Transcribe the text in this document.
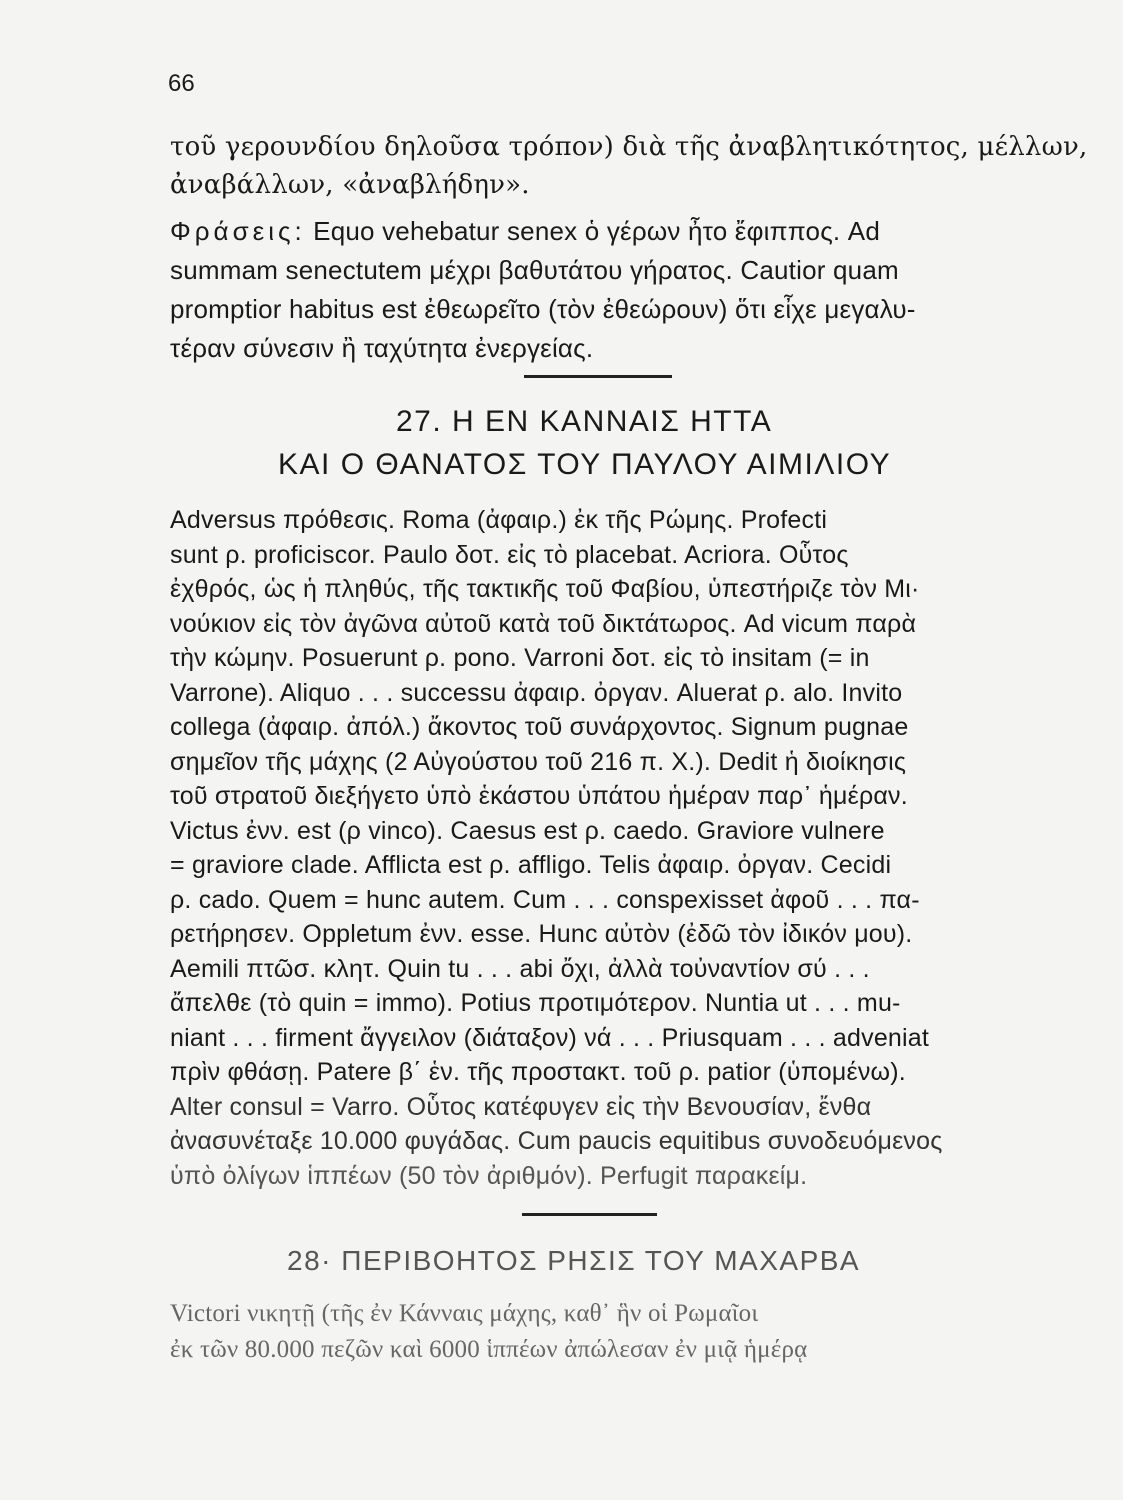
66
τοῦ γερουνδίου δηλοῦσα τρόπον) διὰ τῆς ἀναβλητικότητος, μέλλων,
ἀναβάλλων, «ἀναβλήδην».
Φράσεις: Equo vehebatur senex ὁ γέρων ἦτο ἔφιππος. Ad
summam senectutem μέχρι βαθυτάτου γήρατος. Cautior quam
promptior habitus est ἐθεωρεῖτο (τὸν ἐθεώρουν) ὅτι εἶχε μεγαλυ-
τέραν σύνεσιν ἢ ταχύτητα ἐνεργείας.
27. Η ΕΝ ΚΑΝΝΑΙΣ ΗΤΤΑ
ΚΑΙ Ο ΘΑΝΑΤΟΣ ΤΟΥ ΠΑΥΛΟΥ ΑΙΜΙΛΙΟΥ
Adversus πρόθεσις. Roma (ἀφαιρ.) ἐκ τῆς Ρώμης. Profecti
sunt ρ. proficiscor. Paulo δοτ. εἰς τὸ placebat. Acriora. Οὗτος
ἐχθρός, ὡς ἡ πληθύς, τῆς τακτικῆς τοῦ Φαβίου, ὑπεστήριζε τὸν Μι·
νούκιον εἰς τὸν ἀγῶνα αὐτοῦ κατὰ τοῦ δικτάτωρος. Ad vicum παρὰ
τὴν κώμην. Posuerunt ρ. pono. Varroni δοτ. εἰς τὸ insitam (= in
Varrone). Aliquo . . . successu ἀφαιρ. ὀργαν. Aluerat ρ. alo. Invito
collega (ἀφαιρ. ἀπόλ.) ἄκοντος τοῦ συνάρχοντος. Signum pugnae
σημεῖον τῆς μάχης (2 Αὐγούστου τοῦ 216 π. Χ.). Dedit ἡ διοίκησις
τοῦ στρατοῦ διεξήγετο ὑπὸ ἑκάστου ὑπάτου ἡμέραν παρ᾽ ἡμέραν.
Victus ἐνν. est (ρ vinco). Caesus est ρ. caedo. Graviore vulnere
= graviore clade. Afflicta est ρ. affligo. Telis ἀφαιρ. ὀργαν. Cecidi
ρ. cado. Quem = hunc autem. Cum . . . conspexisset ἀφοῦ . . . πα-
ρετήρησεν. Oppletum ἐνν. esse. Hunc αὐτὸν (ἐδῶ τὸν ἰδικόν μου).
Aemili πτῶσ. κλητ. Quin tu . . . abi ὄχι, ἀλλὰ τοὐναντίον σύ . . .
ἄπελθε (τὸ quin = immo). Potius προτιμότερον. Nuntia ut . . . mu-
niant . . . firment ἄγγειλον (διάταξον) νά . . . Priusquam . . . adveniat
πρὶν φθάσῃ. Patere β΄ ἑν. τῆς προστακτ. τοῦ ρ. patior (ὑπομένω).
Alter consul = Varro. Οὗτος κατέφυγεν εἰς τὴν Βενουσίαν, ἔνθα
ἀνασυνέταξε 10.000 φυγάδας. Cum paucis equitibus συνοδευόμενος
ὑπὸ ὀλίγων ἱππέων (50 τὸν ἀριθμόν). Perfugit παρακείμ.
28· ΠΕΡΙΒΟΗΤΟΣ ΡΗΣΙΣ ΤΟΥ ΜΑΧΑΡΒΑ
Victori νικητῇ (τῆς ἐν Κάνναις μάχης, καθ᾽ ἣν οἱ Ρωμαῖοι
ἐκ τῶν 80.000 πεζῶν καὶ 6000 ἱππέων ἀπώλεσαν ἐν μιᾷ ἡμέρᾳ
